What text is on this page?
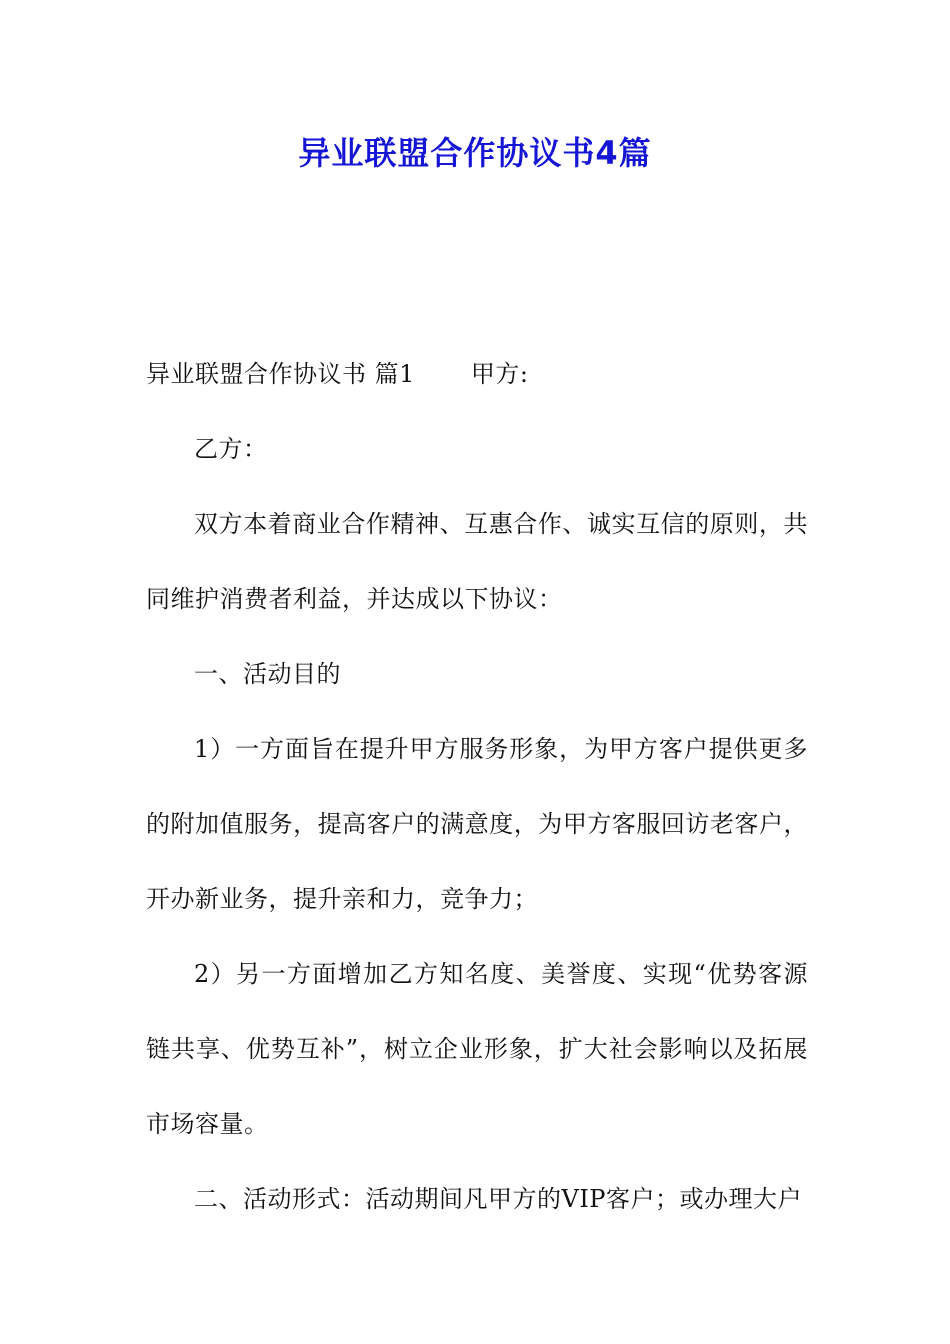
异业联盟合作协议书4篇

异业联盟合作协议书 篇1 甲方:

乙方：

双方本着商业合作精神、互惠合作、诚实互信的原则，共同维护消费者利益，并达成以下协议：

一、活动目的

1）一方面旨在提升甲方服务形象，为甲方客户提供更多的附加值服务，提高客户的满意度，为甲方客服回访老客户，开办新业务，提升亲和力，竞争力；

2）另一方面增加乙方知名度、美誉度、实现“优势客源链共享、优势互补”，树立企业形象，扩大社会影响以及拓展市场容量。

二、活动形式：活动期间凡甲方的VIP客户；或办理大户
